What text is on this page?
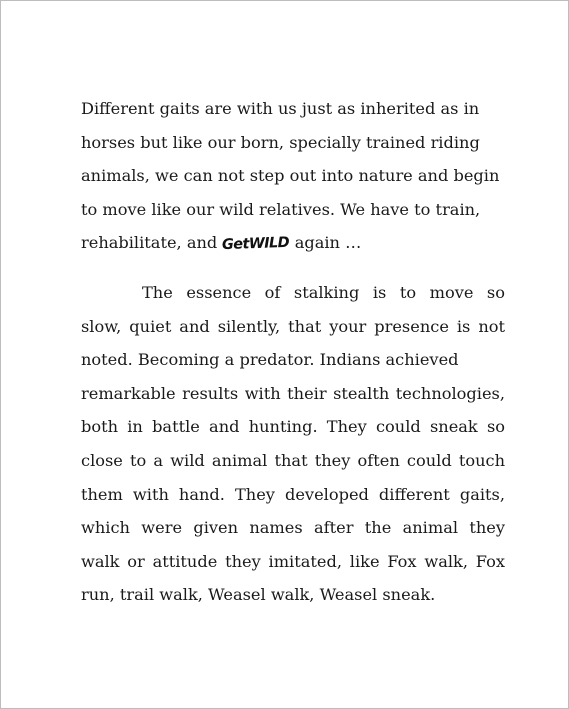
Different gaits are with us just as inherited as in
horses but like our born, specially trained riding
animals, we can not step out into nature and begin
to move like our wild relatives. We have to train,
rehabilitate, and GetWILD again …
The essence of stalking is to move so
slow, quiet and silently, that your presence is not
noted. Becoming a predator. Indians achieved
remarkable results with their stealth technologies,
both in battle and hunting. They could sneak so
close to a wild animal that they often could touch
them with hand. They developed different gaits,
which were given names after the animal they
walk or attitude they imitated, like Fox walk, Fox
run, trail walk, Weasel walk, Weasel sneak.
